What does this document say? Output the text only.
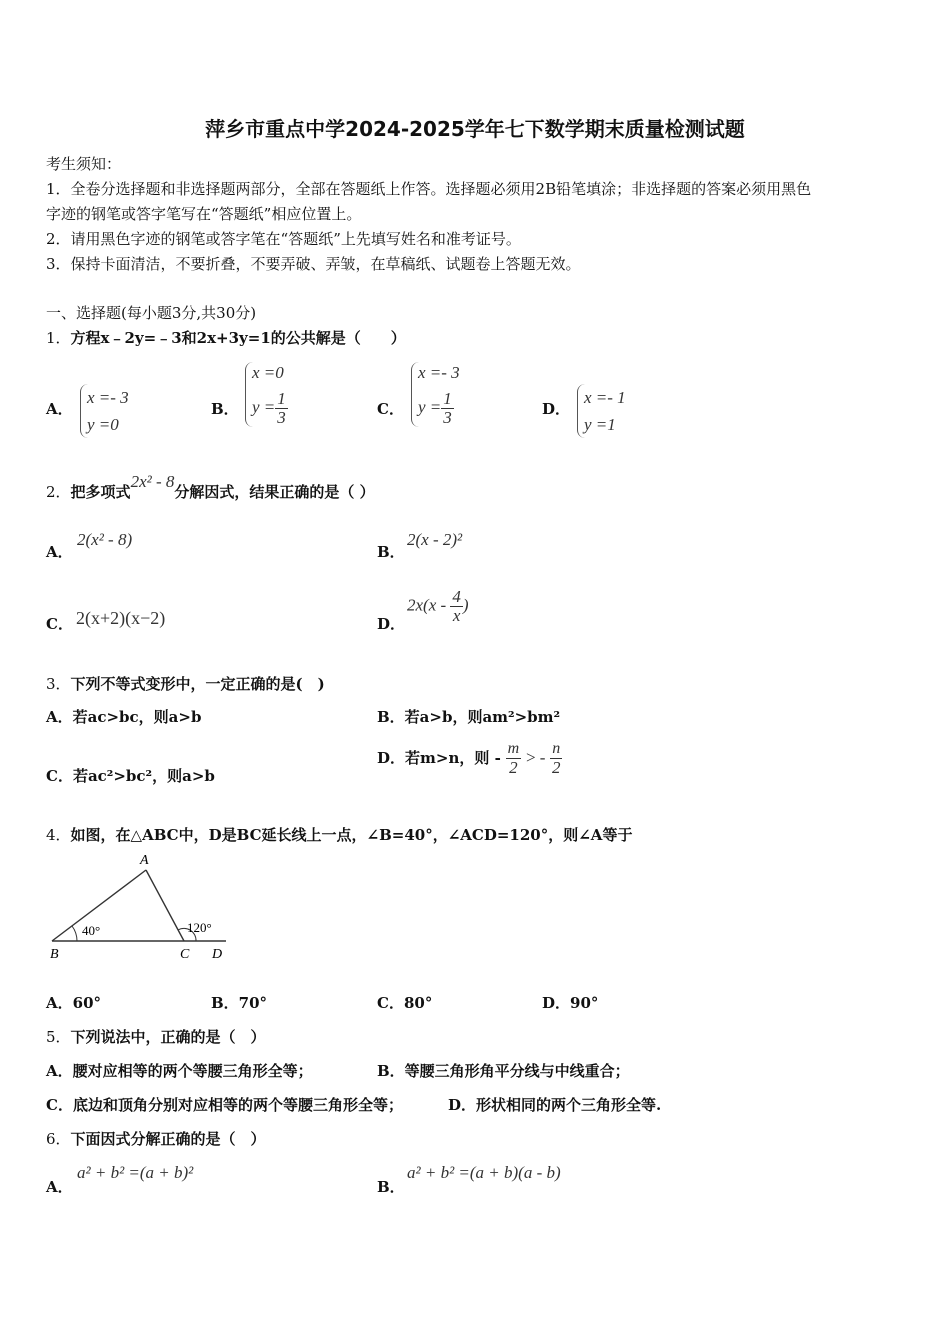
萍乡市重点中学2024-2025学年七下数学期末质量检测试题
考生须知：
1．全卷分选择题和非选择题两部分，全部在答题纸上作答。选择题必须用2B铅笔填涂；非选择题的答案必须用黑色
字迹的钢笔或答字笔写在“答题纸”相应位置上。
2．请用黑色字迹的钢笔或答字笔在“答题纸”上先填写姓名和准考证号。
3．保持卡面清洁，不要折叠，不要弄破、弄皱，在草稿纸、试题卷上答题无效。
一、选择题(每小题3分,共30分)
1．方程x﹣2y=﹣3和2x+3y=1的公共解是（　　）
A．
x =- 3
y =0
B．
x =0
$y = \frac{1}{3}$	C．
x =- 3
$y = \frac{1}{3}$	D．
x =- 1
y =1
2．把多项式2x² - 8分解因式，结果正确的是（ ）
A．
2(x² - 8)
B．
2(x - 2)²
C． 2(x+2)(x−2)	D．
$2x(x - \frac{4}{x}$ )
3．下列不等式变形中，一定正确的是(　)
A．若ac>bc，则a>b	B．若a>b，则am²>bm²
C．若ac²>bc²，则a>b
D．若m>n，则 - $\frac{m}{2}$ > - $\frac{n}{2}$
4．如图，在△ABC中，D是BC延长线上一点，∠B=40°，∠ACD=120°，则∠A等于
A
B	C D
40°	120°
A．60°	B．70°	C．80°	D．90°
5．下列说法中，正确的是（　）
A．腰对应相等的两个等腰三角形全等；	B．等腰三角形角平分线与中线重合；
C．底边和顶角分别对应相等的两个等腰三角形全等；	D．形状相同的两个三角形全等.
6．下面因式分解正确的是（　）
A．
a² + b² =(a + b)²
B．
a² + b² =(a + b)(a - b)
